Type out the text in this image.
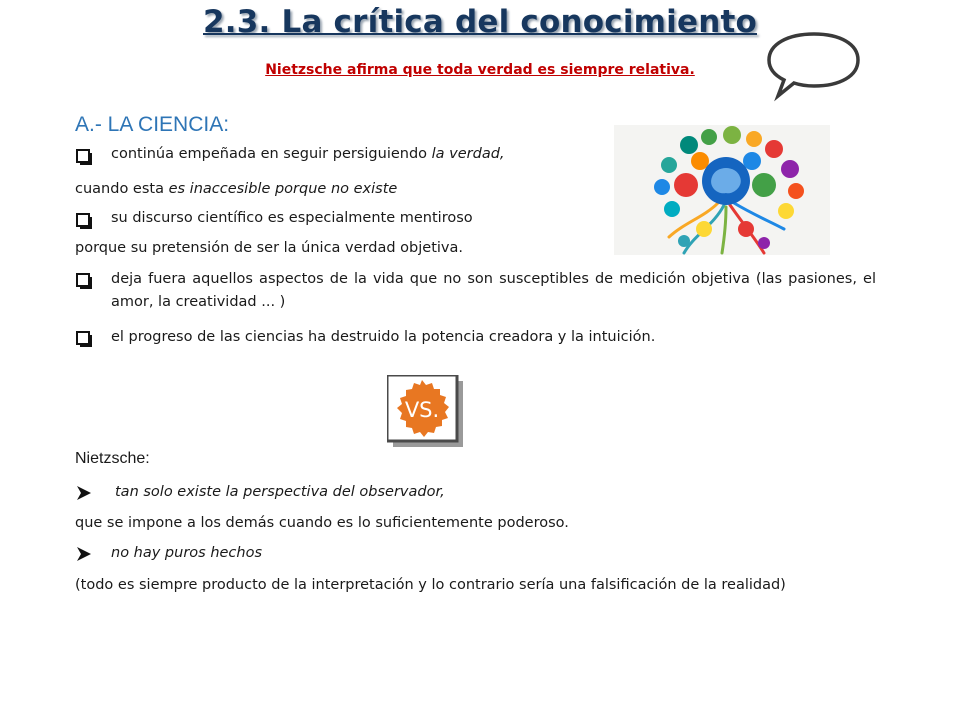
2.3. La crítica del conocimiento
Nietzsche afirma que toda verdad es siempre relativa.
A.- LA CIENCIA:
continúa empeñada en seguir persiguiendo la verdad,
cuando esta es inaccesible porque no existe
su discurso científico es especialmente mentiroso
porque su pretensión de ser la única verdad objetiva.
deja fuera aquellos aspectos de la vida que no son susceptibles de medición objetiva (las pasiones, el amor, la creatividad ... )
el progreso de las ciencias ha destruido la potencia creadora y la intuición.
VS.
Nietzsche:
tan solo existe la perspectiva del observador,
que se impone a los demás cuando es lo suficientemente poderoso.
no hay puros hechos
(todo es siempre producto de la interpretación y lo contrario sería una falsificación de la realidad)
